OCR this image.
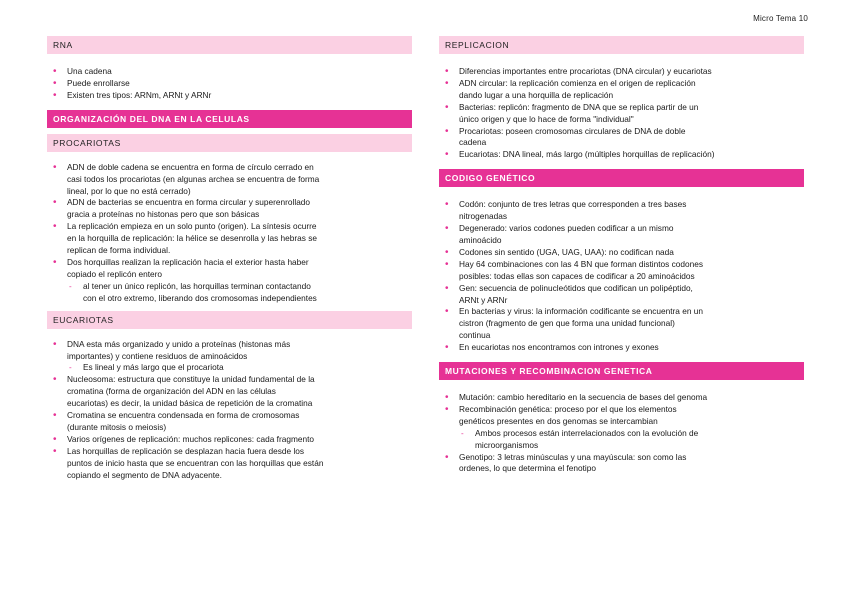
Micro Tema 10
RNA
• Una cadena
• Puede enrollarse
• Existen tres tipos: ARNm, ARNt y ARNr
ORGANIZACIÓN DEL DNA EN LA CELULAS
PROCARIOTAS
• ADN de doble cadena se encuentra en forma de círculo cerrado en
casi todos los procariotas (en algunas archea se encuentra de forma
lineal, por lo que no está cerrado)
• ADN de bacterias se encuentra en forma circular y superenrollado
gracia a proteínas no histonas pero que son básicas
• La replicación empieza en un solo punto (origen). La síntesis ocurre
en la horquilla de replicación: la hélice se desenrolla y las hebras se
replican de forma individual.
• Dos horquillas realizan la replicación hacia el exterior hasta haber
copiado el replicón entero
- al tener un único replicón, las horquillas terminan contactando
con el otro extremo, liberando dos cromosomas independientes
EUCARIOTAS
• DNA esta más organizado y unido a proteínas (histonas más
importantes) y contiene residuos de aminoácidos
- Es lineal y más largo que el procariota
• Nucleosoma: estructura que constituye la unidad fundamental de la
cromatina (forma de organización del ADN en las células
eucariotas) es decir, la unidad básica de repetición de la cromatina
• Cromatina se encuentra condensada en forma de cromosomas
(durante mitosis o meiosis)
• Varios orígenes de replicación: muchos replicones: cada fragmento
• Las horquillas de replicación se desplazan hacia fuera desde los
puntos de inicio hasta que se encuentran con las horquillas que están
copiando el segmento de DNA adyacente.
REPLICACION
• Diferencias importantes entre procariotas (DNA circular) y eucariotas
• ADN circular: la replicación comienza en el origen de replicación
dando lugar a una horquilla de replicación
• Bacterias: replicón: fragmento de DNA que se replica partir de un
único origen y que lo hace de forma "individual"
• Procariotas: poseen cromosomas circulares de DNA de doble
cadena
• Eucariotas: DNA lineal, más largo (múltiples horquillas de replicación)
CODIGO GENÉTICO
• Codón: conjunto de tres letras que corresponden a tres bases
nitrogenadas
• Degenerado: varios codones pueden codificar a un mismo
aminoácido
• Codones sin sentido (UGA, UAG, UAA): no codifican nada
• Hay 64 combinaciones con las 4 BN que forman distintos codones
posibles: todas ellas son capaces de codificar a 20 aminoácidos
• Gen: secuencia de polinucleótidos que codifican un polipéptido,
ARNt y ARNr
• En bacterias y virus: la información codificante se encuentra en un
cistron (fragmento de gen que forma una unidad funcional)
continua
• En eucariotas nos encontramos con intrones y exones
MUTACIONES Y RECOMBINACION GENETICA
• Mutación: cambio hereditario en la secuencia de bases del genoma
• Recombinación genética: proceso por el que los elementos
genéticos presentes en dos genomas se intercambian
- Ambos procesos están interrelacionados con la evolución de
microorganismos
• Genotipo: 3 letras minúsculas y una mayúscula: son como las
ordenes, lo que determina el fenotipo
